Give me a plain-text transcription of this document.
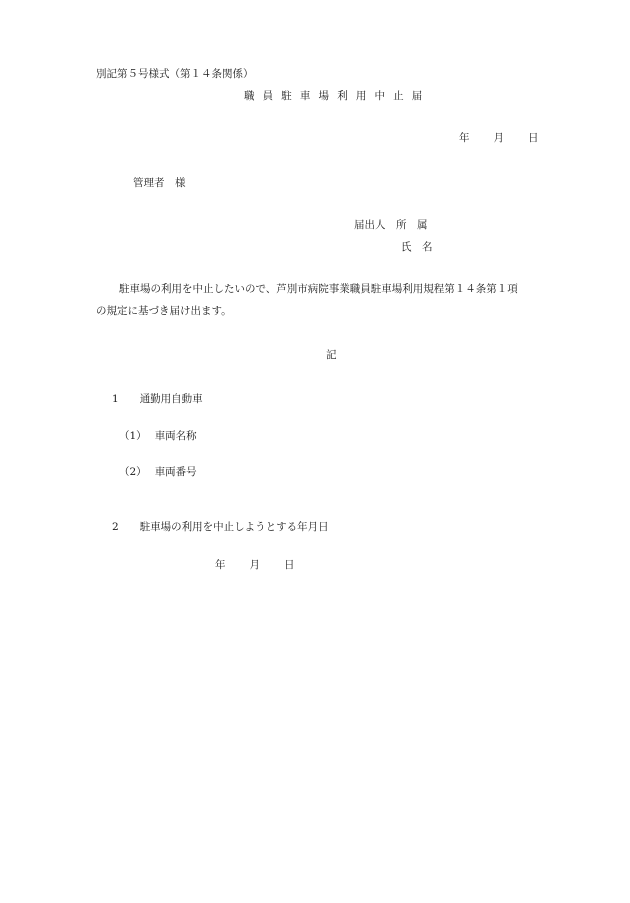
別記第５号様式（第１４条関係）

職 員 駐 車 場 利 用 中 止 届

年 月 日

管理者　様

届出人　所　属

氏　名

駐車場の利用を中止したいので、芦別市病院事業職員駐車場利用規程第１４条第１項

の規定に基づき届け出ます。

記

1 通勤用自動車

（1） 車両名称

（2） 車両番号

2 駐車場の利用を中止しようとする年月日

年 月 日
